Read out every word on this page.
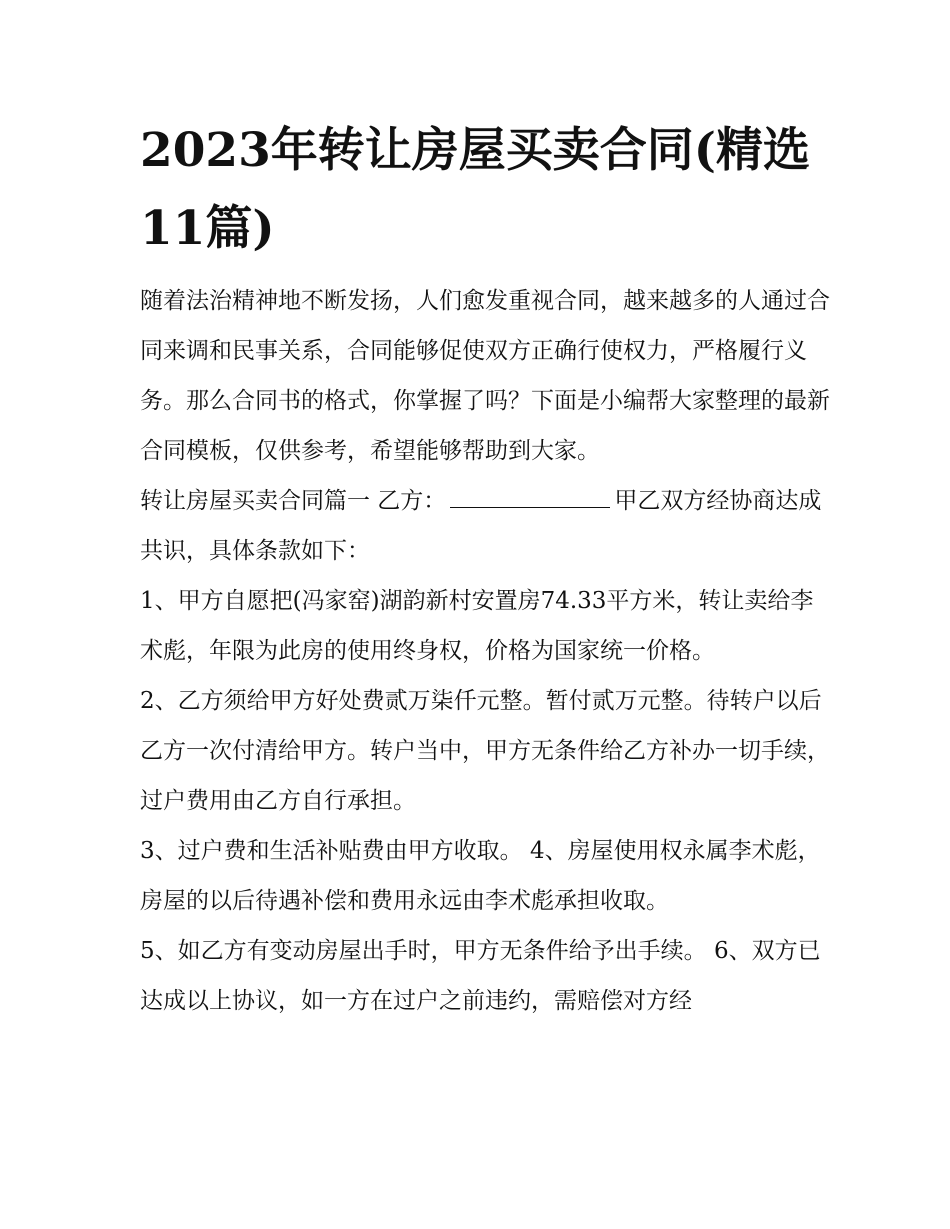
2023年转让房屋买卖合同(精选11篇)

随着法治精神地不断发扬，人们愈发重视合同，越来越多的人通过合同来调和民事关系，合同能够促使双方正确行使权力，严格履行义务。那么合同书的格式，你掌握了吗？下面是小编帮大家整理的最新合同模板，仅供参考，希望能够帮助到大家。

转让房屋买卖合同篇一 乙方：	甲乙双方经协商达成共识，具体条款如下：

1、甲方自愿把(冯家窑)湖韵新村安置房74.33平方米，转让卖给李术彪，年限为此房的使用终身权，价格为国家统一价格。

2、乙方须给甲方好处费贰万柒仟元整。暂付贰万元整。待转户以后乙方一次付清给甲方。转户当中，甲方无条件给乙方补办一切手续，过户费用由乙方自行承担。

3、过户费和生活补贴费由甲方收取。 4、房屋使用权永属李术彪，房屋的以后待遇补偿和费用永远由李术彪承担收取。

5、如乙方有变动房屋出手时，甲方无条件给予出手续。 6、双方已达成以上协议，如一方在过户之前违约，需赔偿对方经
